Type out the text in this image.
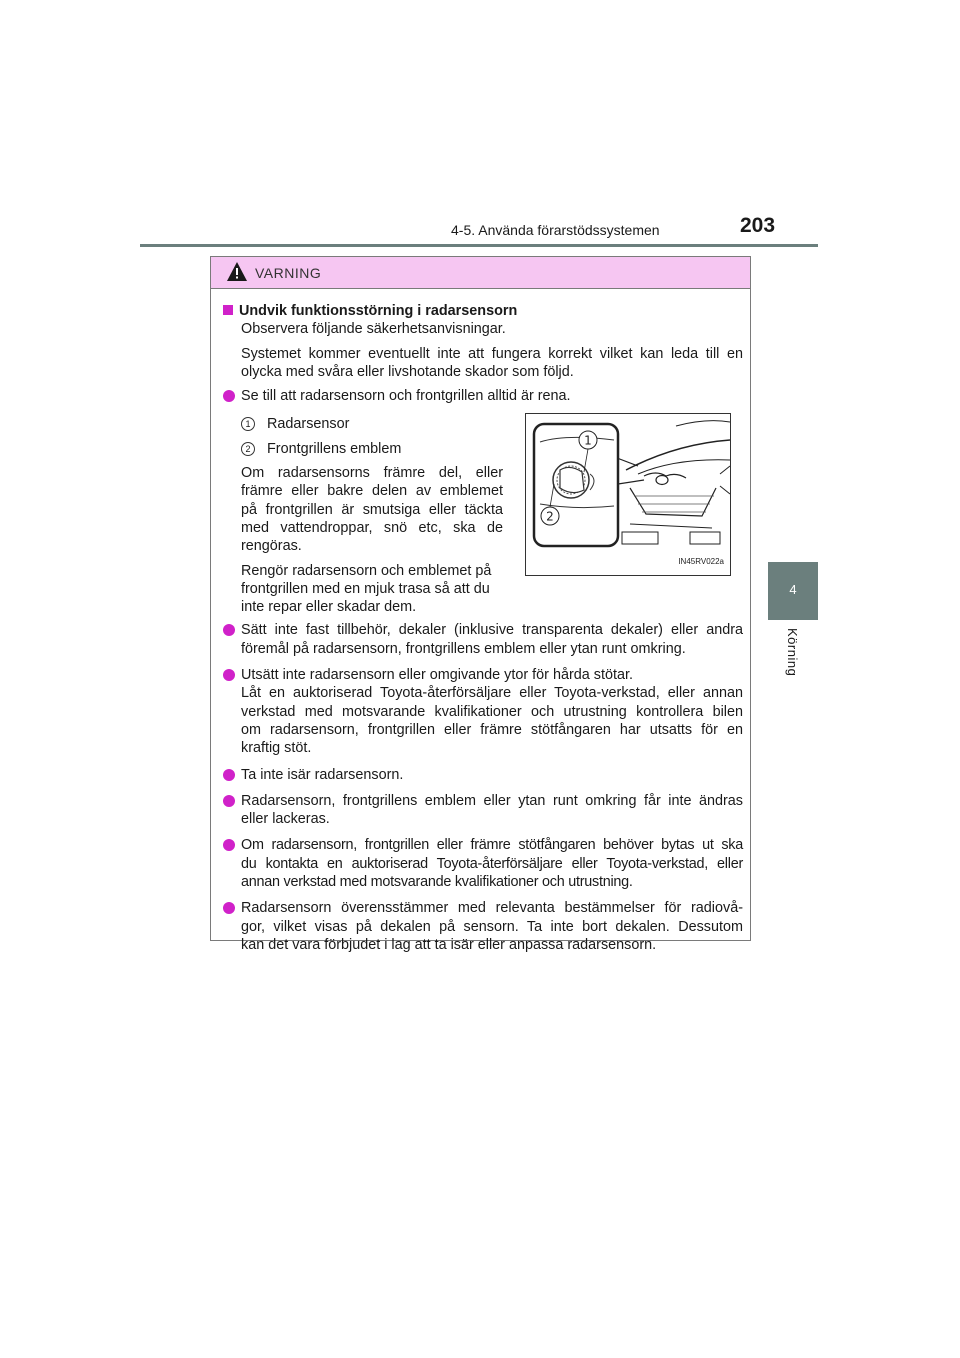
4-5. Använda förarstödssystemen	203
4
Körning
VARNING
Undvik funktionsstörning i radarsensorn
Observera följande säkerhetsanvisningar.
Systemet kommer eventuellt inte att fungera korrekt vilket kan leda till en
olycka med svåra eller livshotande skador som följd.
Se till att radarsensorn och frontgrillen alltid är rena.
1 Radarsensor
2 Frontgrillens emblem
Om radarsensorns främre del, eller
främre eller bakre delen av emblemet
på frontgrillen är smutsiga eller täckta
med vattendroppar, snö etc, ska de
rengöras.
Rengör radarsensorn och emblemet på
frontgrillen med en mjuk trasa så att du
inte repar eller skadar dem.
1
2
IN45RV022a
Sätt inte fast tillbehör, dekaler (inklusive transparenta dekaler) eller andra
föremål på radarsensorn, frontgrillens emblem eller ytan runt omkring.
Utsätt inte radarsensorn eller omgivande ytor för hårda stötar.
Låt en auktoriserad Toyota-återförsäljare eller Toyota-verkstad, eller annan
verkstad med motsvarande kvalifikationer och utrustning kontrollera bilen
om radarsensorn, frontgrillen eller främre stötfångaren har utsatts för en
kraftig stöt.
Ta inte isär radarsensorn.
Radarsensorn, frontgrillens emblem eller ytan runt omkring får inte ändras
eller lackeras.
Om radarsensorn, frontgrillen eller främre stötfångaren behöver bytas ut ska
du kontakta en auktoriserad Toyota-återförsäljare eller Toyota-verkstad, eller
annan verkstad med motsvarande kvalifikationer och utrustning.
Radarsensorn överensstämmer med relevanta bestämmelser för radiovå-
gor, vilket visas på dekalen på sensorn. Ta inte bort dekalen. Dessutom
kan det vara förbjudet i lag att ta isär eller anpassa radarsensorn.
